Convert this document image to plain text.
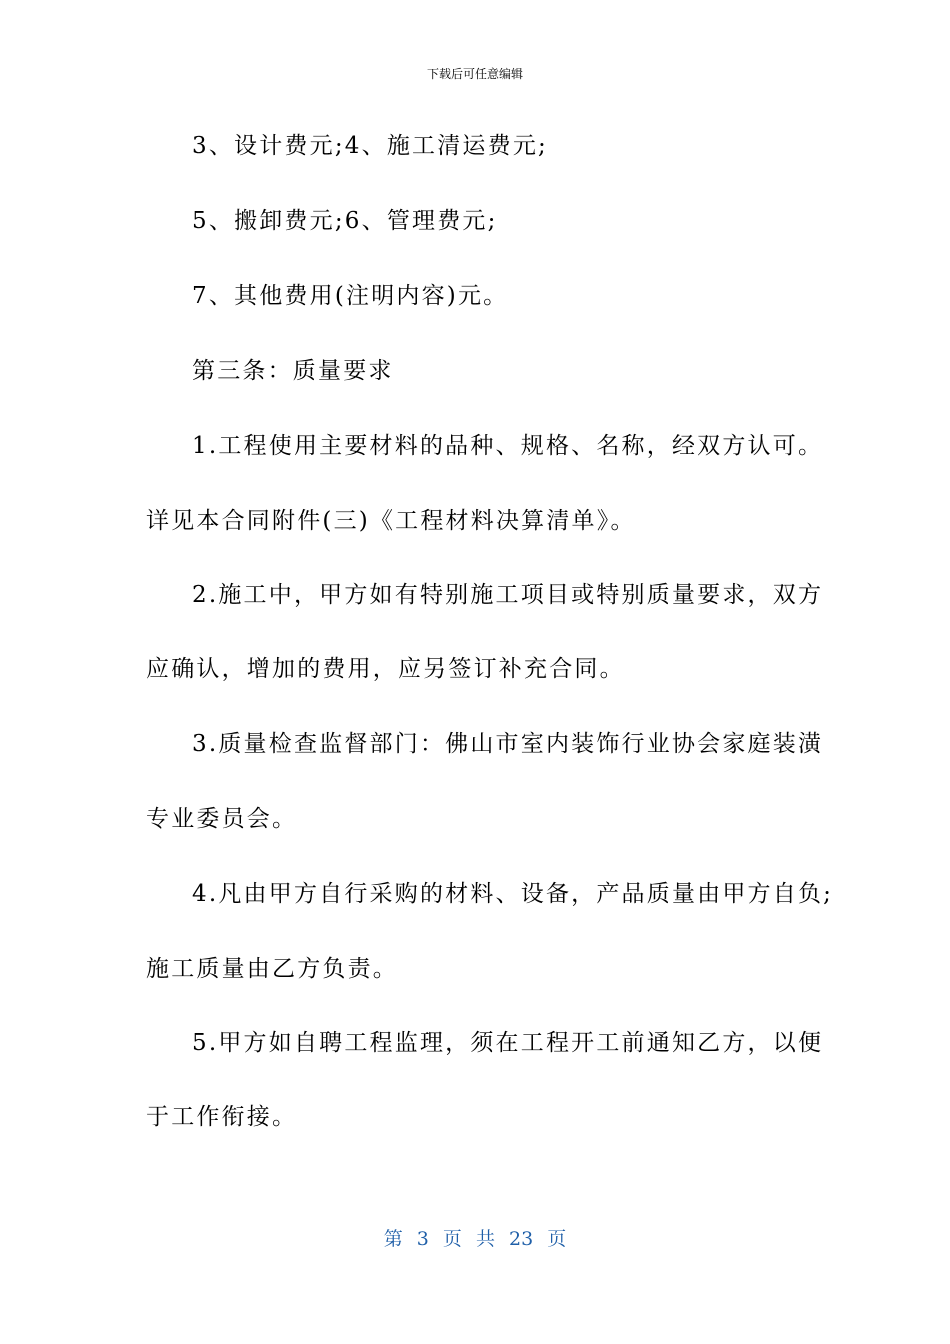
下载后可任意编辑
3、设计费元;4、施工清运费元;
5、搬卸费元;6、管理费元;
7、其他费用(注明内容)元。
第三条：质量要求
1.工程使用主要材料的品种、规格、名称，经双方认可。
详见本合同附件(三)《工程材料决算清单》。
2.施工中，甲方如有特别施工项目或特别质量要求，双方
应确认，增加的费用，应另签订补充合同。
3.质量检查监督部门：佛山市室内装饰行业协会家庭装潢
专业委员会。
4.凡由甲方自行采购的材料、设备，产品质量由甲方自负;
施工质量由乙方负责。
5.甲方如自聘工程监理，须在工程开工前通知乙方，以便
于工作衔接。
第 3 页 共 23 页
